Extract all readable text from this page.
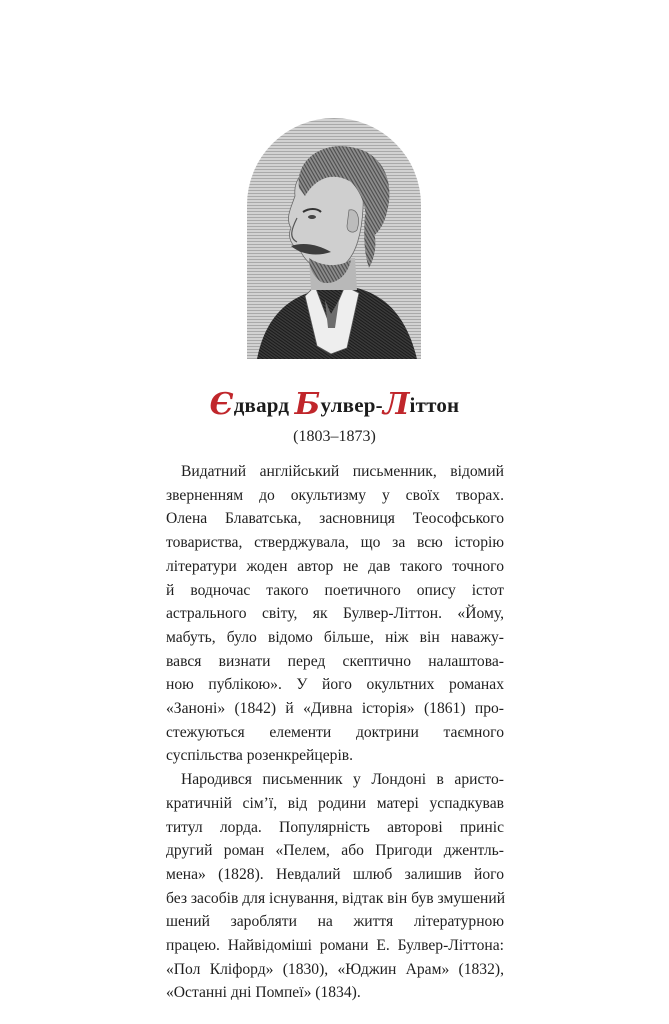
Єдвард Булвер-Літтон
(1803–1873)
Видатний англійський письменник, відомий
зверненням до окультизму у своїх творах.
Олена Блаватська, засновниця Теософського
товариства, стверджувала, що за всю історію
літератури жоден автор не дав такого точного
й водночас такого поетичного опису істот
астрального світу, як Булвер-Літтон. «Йому,
мабуть, було відомо більше, ніж він наважу-
вався визнати перед скептично налаштова-
ною публікою». У його окультних романах
«Занoні» (1842) й «Дивна історія» (1861) про-
стежуються елементи доктрини таємного
суспільства розенкрейцерів.
Народився письменник у Лондоні в аристо-
кратичній сім’ї, від родини матері успадкував
титул лорда. Популярність авторові приніс
другий роман «Пелем, або Пригоди джентль-
мена» (1828). Невдалий шлюб залишив його
без засобів для існування, відтак він був змушений
шений заробляти на життя літературною
працею. Найвідоміші романи Е. Булвер-Літтона:
«Пол Кліфорд» (1830), «Юджин Арам» (1832),
«Останні дні Помпеї» (1834).
